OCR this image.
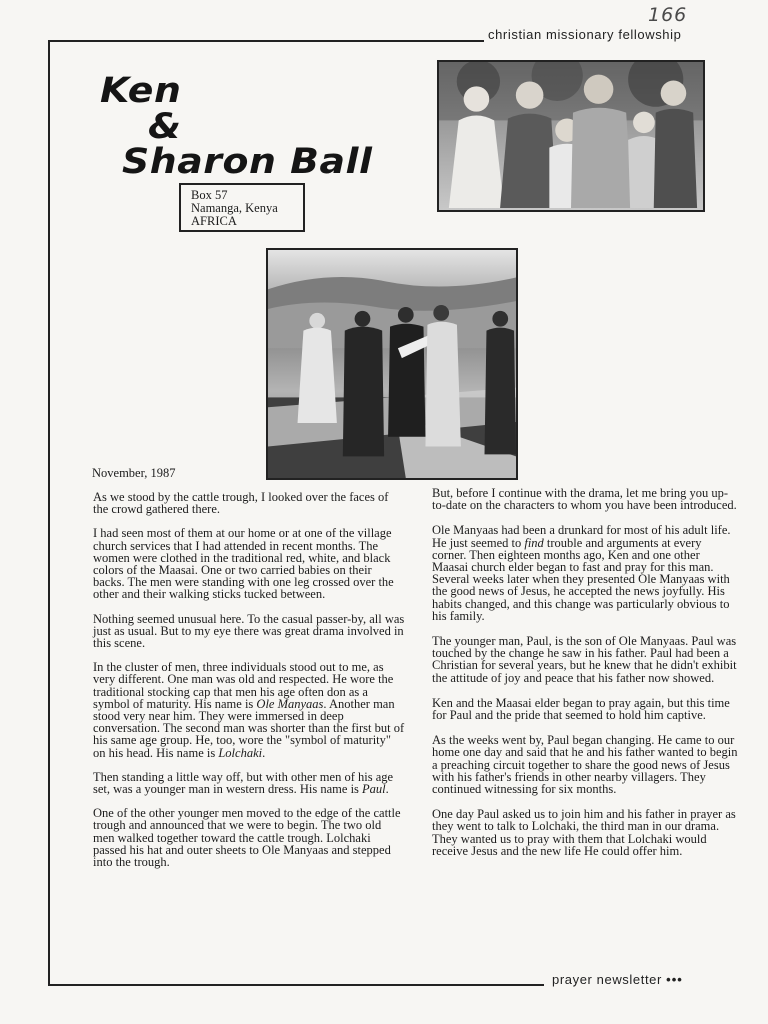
166
christian missionary fellowship
Ken
&
Sharon Ball
Box 57
Namanga, Kenya
AFRICA
November, 1987

As we stood by the cattle trough, I looked over the faces of the crowd gathered there.

I had seen most of them at our home or at one of the village church services that I had attended in recent months. The women were clothed in the traditional red, white, and black colors of the Maasai. One or two carried babies on their backs. The men were standing with one leg crossed over the other and their walking sticks tucked between.

Nothing seemed unusual here. To the casual passer-by, all was just as usual. But to my eye there was great drama involved in this scene.

In the cluster of men, three individuals stood out to me, as very different. One man was old and respected. He wore the traditional stocking cap that men his age often don as a symbol of maturity. His name is Ole Manyaas. Another man stood very near him. They were immersed in deep conversation. The second man was shorter than the first but of his same age group. He, too, wore the "symbol of maturity" on his head. His name is Lolchaki.

Then standing a little way off, but with other men of his age set, was a younger man in western dress. His name is Paul.

One of the other younger men moved to the edge of the cattle trough and announced that we were to begin. The two old men walked together toward the cattle trough. Lolchaki passed his hat and outer sheets to Ole Manyaas and stepped into the trough.

But, before I continue with the drama, let me bring you up-to-date on the characters to whom you have been introduced.

Ole Manyaas had been a drunkard for most of his adult life. He just seemed to find trouble and arguments at every corner. Then eighteen months ago, Ken and one other Maasai church elder began to fast and pray for this man. Several weeks later when they presented Ole Manyaas with the good news of Jesus, he accepted the news joyfully. His habits changed, and this change was particularly obvious to his family.

The younger man, Paul, is the son of Ole Manyaas. Paul was touched by the change he saw in his father. Paul had been a Christian for several years, but he knew that he didn't exhibit the attitude of joy and peace that his father now showed.

Ken and the Maasai elder began to pray again, but this time for Paul and the pride that seemed to hold him captive.

As the weeks went by, Paul began changing. He came to our home one day and said that he and his father wanted to begin a preaching circuit together to share the good news of Jesus with his father's friends in other nearby villagers. They continued witnessing for six months.

One day Paul asked us to join him and his father in prayer as they went to talk to Lolchaki, the third man in our drama. They wanted us to pray with them that Lolchaki would receive Jesus and the new life He could offer him.

prayer newsletter •••
